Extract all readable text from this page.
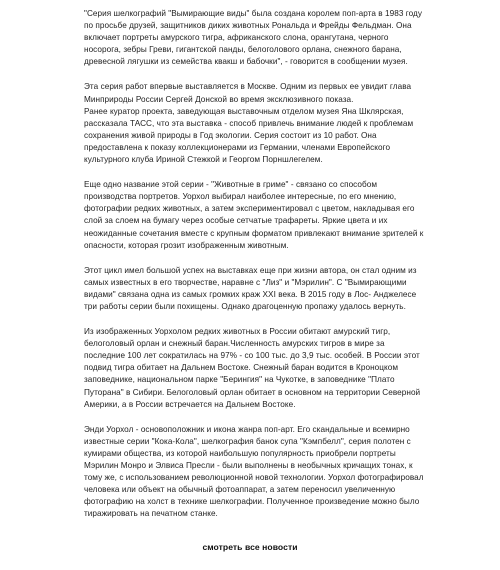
"Серия шелкографий "Вымирающие виды" была создана королем поп-арта в 1983 году
по просьбе друзей, защитников диких животных Рональда и Фрейды Фельдман. Она
включает портреты амурского тигра, африканского слона, орангутана, черного
носорога, зебры Греви, гигантской панды, белоголового орлана, снежного барана,
древесной лягушки из семейства квакш и бабочки", - говорится в сообщении музея.

Эта серия работ впервые выставляется в Москве. Одним из первых ее увидит глава
Минприроды России Сергей Донской во время эксклюзивного показа.
Ранее куратор проекта, заведующая выставочным отделом музея Яна Шклярская,
рассказала ТАСС, что эта выставка - способ привлечь внимание людей к проблемам
сохранения живой природы в Год экологии. Серия состоит из 10 работ. Она
предоставлена к показу коллекционерами из Германии, членами Европейского
культурного клуба Ириной Стежкой и Георгом Порншлегелем.

Еще одно название этой серии - "Животные в гриме" - связано со способом
производства портретов. Уорхол выбирал наиболее интересные, по его мнению,
фотографии редких животных, а затем экспериментировал с цветом, накладывая его
слой за слоем на бумагу через особые сетчатые трафареты. Яркие цвета и их
неожиданные сочетания вместе с крупным форматом привлекают внимание зрителей к
опасности, которая грозит изображенным животным.

Этот цикл имел большой успех на выставках еще при жизни автора, он стал одним из
самых известных в его творчестве, наравне с "Лиз" и "Мэрилин". С "Вымирающими
видами" связана одна из самых громких краж XXI века. В 2015 году в Лос- Анджелесе
три работы серии были похищены. Однако драгоценную пропажу удалось вернуть.

Из изображенных Уорхолом редких животных в России обитают амурский тигр,
белоголовый орлан и снежный баран.Численность амурских тигров в мире за
последние 100 лет сократилась на 97% - со 100 тыс. до 3,9 тыс. особей. В России этот
подвид тигра обитает на Дальнем Востоке. Снежный баран водится в Кроноцком
заповеднике, национальном парке "Берингия" на Чукотке, в заповеднике "Плато
Путорана" в Сибири. Белоголовый орлан обитает в основном на территории Северной
Америки, а в России встречается на Дальнем Востоке.

Энди Уорхол - основоположник и икона жанра поп-арт. Его скандальные и всемирно
известные серии "Кока-Кола", шелкография банок супа "Кэмпбелл", серия полотен с
кумирами общества, из которой наибольшую популярность приобрели портреты
Мэрилин Монро и Элвиса Пресли - были выполнены в необычных кричащих тонах, к
тому же, с использованием революционной новой технологии. Уорхол фотографировал
человека или объект на обычный фотоаппарат, а затем переносил увеличенную
фотографию на холст в технике шелкографии. Полученное произведение можно было
тиражировать на печатном станке.

смотреть все новости
